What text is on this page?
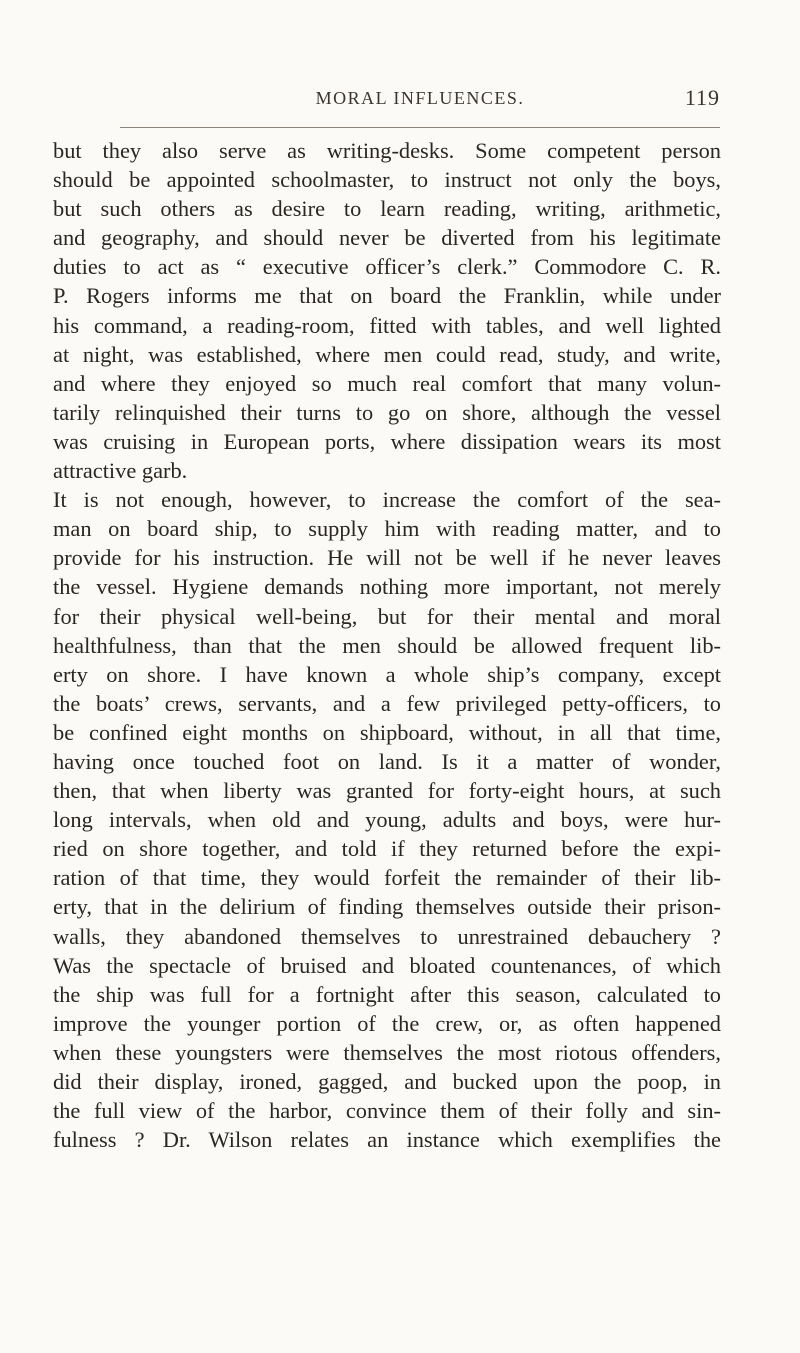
MORAL INFLUENCES.	119

but they also serve as writing-desks. Some competent person
should be appointed schoolmaster, to instruct not only the boys,
but such others as desire to learn reading, writing, arithmetic,
and geography, and should never be diverted from his legitimate
duties to act as “ executive officer’s clerk.” Commodore C. R.
P. Rogers informs me that on board the Franklin, while under
his command, a reading-room, fitted with tables, and well lighted
at night, was established, where men could read, study, and write,
and where they enjoyed so much real comfort that many volun-
tarily relinquished their turns to go on shore, although the vessel
was cruising in European ports, where dissipation wears its most
attractive garb.

It is not enough, however, to increase the comfort of the sea-
man on board ship, to supply him with reading matter, and to
provide for his instruction. He will not be well if he never leaves
the vessel. Hygiene demands nothing more important, not merely
for their physical well-being, but for their mental and moral
healthfulness, than that the men should be allowed frequent lib-
erty on shore. I have known a whole ship’s company, except
the boats’ crews, servants, and a few privileged petty-officers, to
be confined eight months on shipboard, without, in all that time,
having once touched foot on land. Is it a matter of wonder,
then, that when liberty was granted for forty-eight hours, at such
long intervals, when old and young, adults and boys, were hur-
ried on shore together, and told if they returned before the expi-
ration of that time, they would forfeit the remainder of their lib-
erty, that in the delirium of finding themselves outside their prison-
walls, they abandoned themselves to unrestrained debauchery ?
Was the spectacle of bruised and bloated countenances, of which
the ship was full for a fortnight after this season, calculated to
improve the younger portion of the crew, or, as often happened
when these youngsters were themselves the most riotous offenders,
did their display, ironed, gagged, and bucked upon the poop, in
the full view of the harbor, convince them of their folly and sin-
fulness ? Dr. Wilson relates an instance which exemplifies the
